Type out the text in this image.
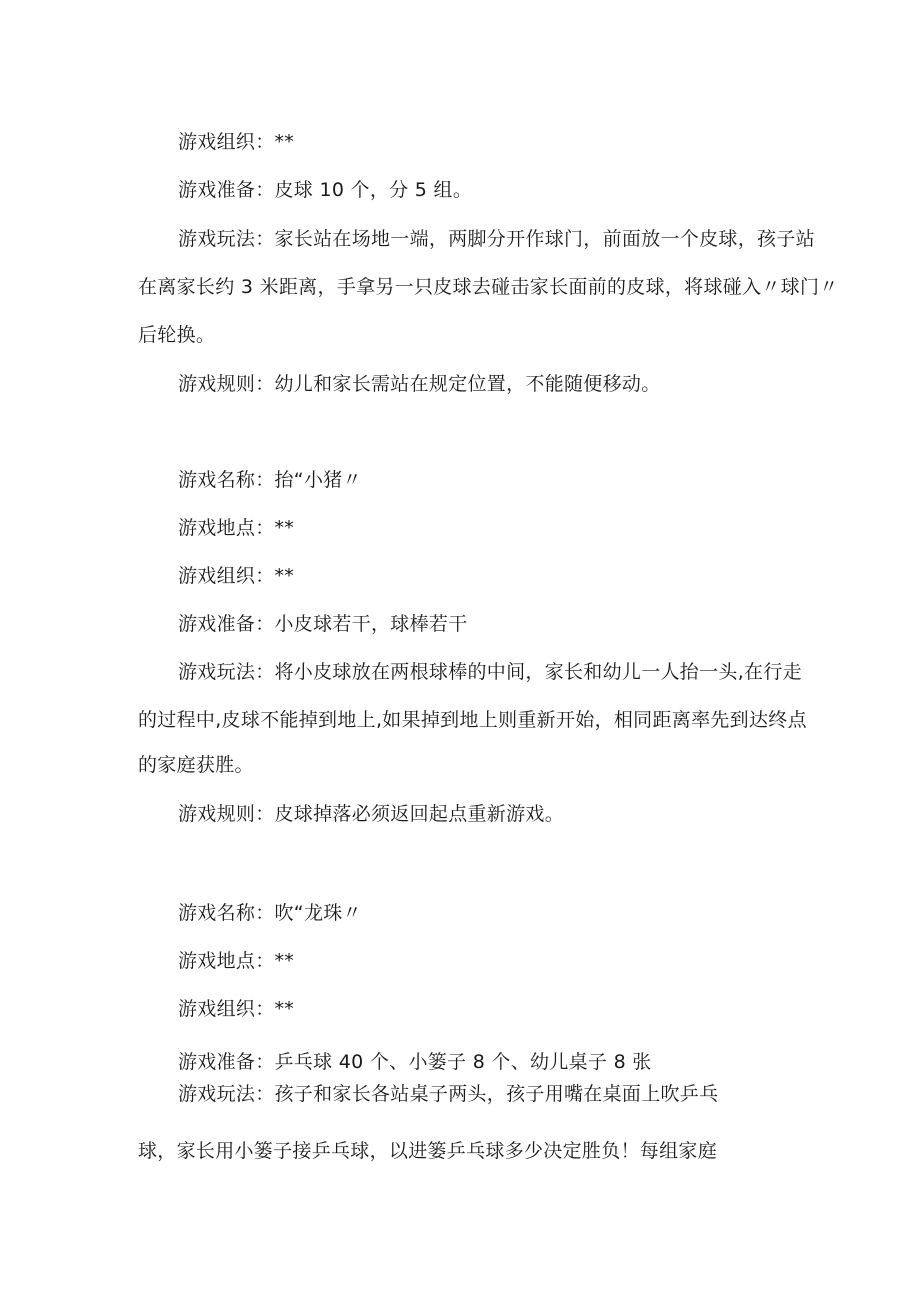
游戏组织：**
游戏准备：皮球 10 个，分 5 组。
游戏玩法：家长站在场地一端，两脚分开作球门，前面放一个皮球，孩子站
在离家长约 3 米距离，手拿另一只皮球去碰击家长面前的皮球，将球碰入〃球门〃
后轮换。
游戏规则：幼儿和家长需站在规定位置，不能随便移动。
游戏名称：抬“小猪〃
游戏地点：**
游戏组织：**
游戏准备：小皮球若干，球棒若干
游戏玩法：将小皮球放在两根球棒的中间，家长和幼儿一人抬一头,在行走
的过程中,皮球不能掉到地上,如果掉到地上则重新开始，相同距离率先到达终点
的家庭获胜。
游戏规则：皮球掉落必须返回起点重新游戏。
游戏名称：吹“龙珠〃
游戏地点：**
游戏组织：**
游戏准备：乒乓球 40 个、小篓子 8 个、幼儿桌子 8 张
游戏玩法：孩子和家长各站桌子两头，孩子用嘴在桌面上吹乒乓
球，家长用小篓子接乒乓球，以进篓乒乓球多少决定胜负！每组家庭
